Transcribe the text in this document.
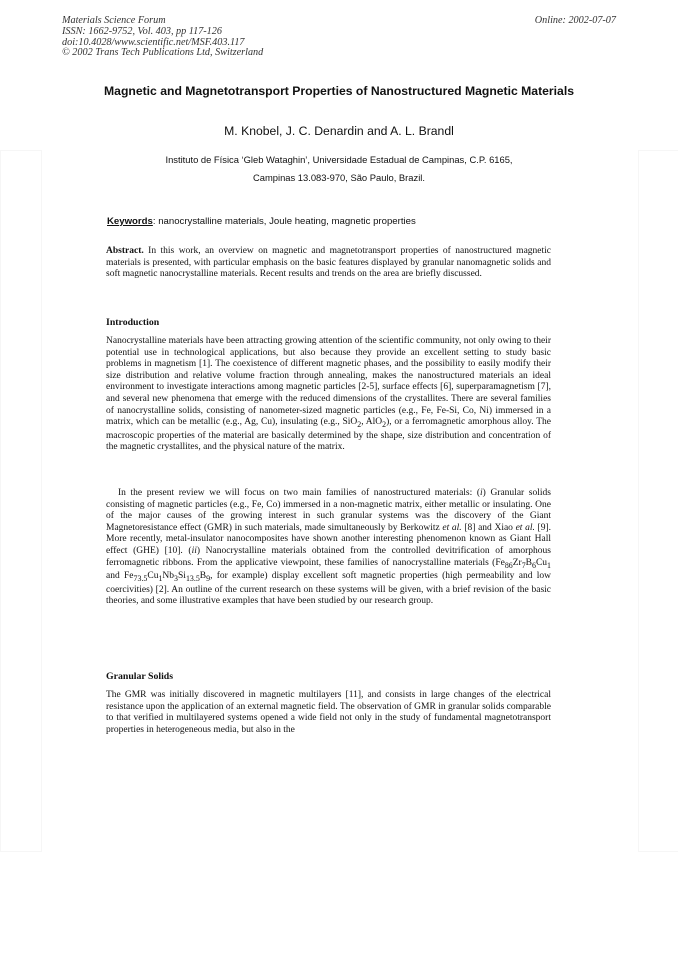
Materials Science Forum
ISSN: 1662-9752, Vol. 403, pp 117-126
doi:10.4028/www.scientific.net/MSF.403.117
© 2002 Trans Tech Publications Ltd, Switzerland
Online: 2002-07-07
Magnetic and Magnetotransport Properties of Nanostructured Magnetic Materials
M. Knobel, J. C. Denardin and A. L. Brandl
Instituto de Física ‘Gleb Wataghin’, Universidade Estadual de Campinas, C.P. 6165,
Campinas 13.083-970, São Paulo, Brazil.
Keywords: nanocrystalline materials, Joule heating, magnetic properties

Abstract. In this work, an overview on magnetic and magnetotransport properties of nanostructured magnetic materials is presented, with particular emphasis on the basic features displayed by granular nanomagnetic solids and soft magnetic nanocrystalline materials. Recent results and trends on the area are briefly discussed.

Introduction

Nanocrystalline materials have been attracting growing attention of the scientific community, not only owing to their potential use in technological applications, but also because they provide an excellent setting to study basic problems in magnetism [1]. The coexistence of different magnetic phases, and the possibility to easily modify their size distribution and relative volume fraction through annealing, makes the nanostructured materials an ideal environment to investigate interactions among magnetic particles [2-5], surface effects [6], superparamagnetism [7], and several new phenomena that emerge with the reduced dimensions of the crystallites. There are several families of nanocrystalline solids, consisting of nanometer-sized magnetic particles (e.g., Fe, Fe-Si, Co, Ni) immersed in a matrix, which can be metallic (e.g., Ag, Cu), insulating (e.g., SiO$_2$, AlO$_2$), or a ferromagnetic amorphous alloy. The macroscopic properties of the material are basically determined by the shape, size distribution and concentration of the magnetic crystallites, and the physical nature of the matrix.

In the present review we will focus on two main families of nanostructured materials: (i) Granular solids consisting of magnetic particles (e.g., Fe, Co) immersed in a non-magnetic matrix, either metallic or insulating. One of the major causes of the growing interest in such granular systems was the discovery of the Giant Magnetoresistance effect (GMR) in such materials, made simultaneously by Berkowitz et al. [8] and Xiao et al. [9]. More recently, metal-insulator nanocomposites have shown another interesting phenomenon known as Giant Hall effect (GHE) [10]. (ii) Nanocrystalline materials obtained from the controlled devitrification of amorphous ferromagnetic ribbons. From the applicative viewpoint, these families of nanocrystalline materials ($Fe_{86}Zr_7B_6Cu_1$ and $Fe_{73.5}Cu_1Nb_3Si_{13.5}B_9$, for example) display excellent soft magnetic properties (high permeability and low coercivities) [2]. An outline of the current research on these systems will be given, with a brief revision of the basic theories, and some illustrative examples that have been studied by our research group.

Granular Solids

The GMR was initially discovered in magnetic multilayers [11], and consists in large changes of the electrical resistance upon the application of an external magnetic field. The observation of GMR in granular solids comparable to that verified in multilayered systems opened a wide field not only in the study of fundamental magnetotransport properties in heterogeneous media, but also in the
